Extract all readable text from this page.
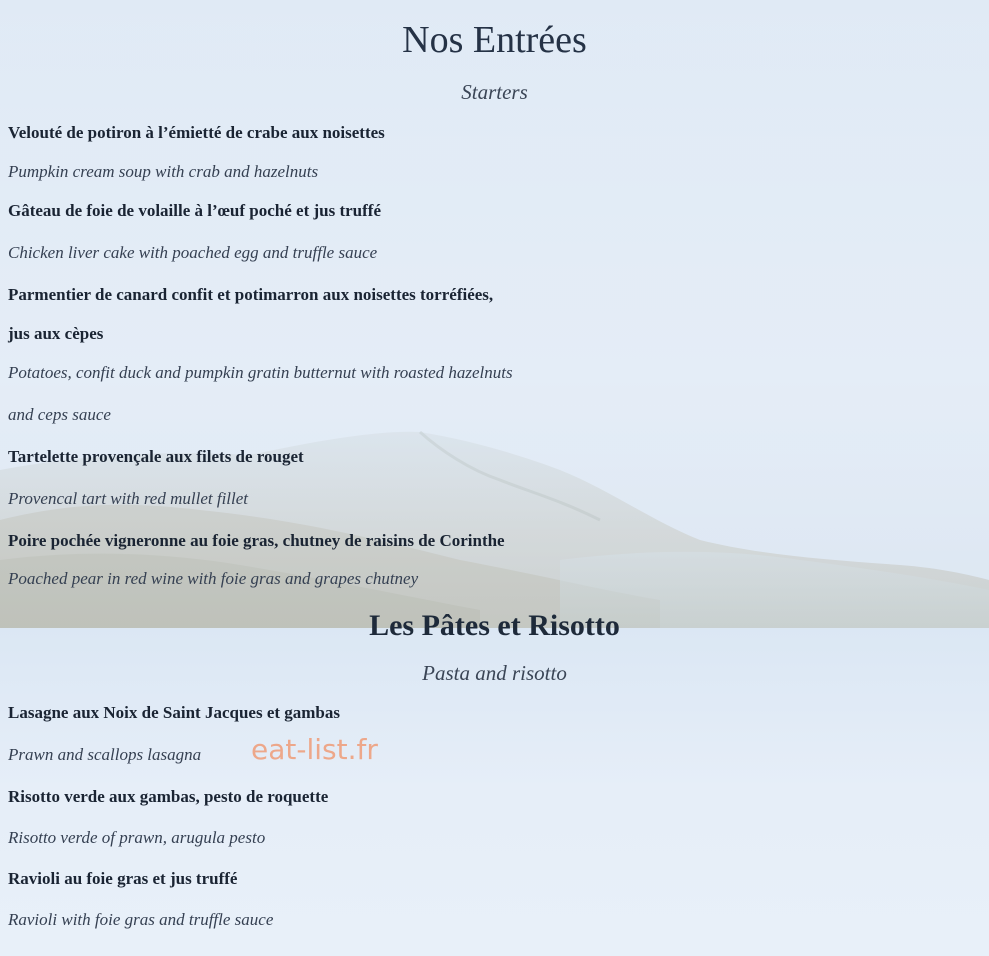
Nos Entrées
Starters
Velouté de potiron à l’émietté de crabe aux noisettes
Pumpkin cream soup with crab and hazelnuts
Gâteau de foie de volaille à l’œuf poché et jus truffé
Chicken liver cake with poached egg and truffle sauce
Parmentier de canard confit et potimarron aux noisettes torréfiées,
jus aux cèpes
Potatoes, confit duck and pumpkin gratin butternut with roasted hazelnuts
and ceps sauce
Tartelette provençale aux filets de rouget
Provencal tart with red mullet fillet
Poire pochée vigneronne au foie gras, chutney de raisins de Corinthe
Poached pear in red wine with foie gras and grapes chutney
Les Pâtes et Risotto
Pasta and risotto
Lasagne aux Noix de Saint Jacques et gambas
Prawn and scallops lasagna eat-list.fr
Risotto verde aux gambas, pesto de roquette
Risotto verde of prawn, arugula pesto
Ravioli au foie gras et jus truffé
Ravioli with foie gras and truffle sauce
